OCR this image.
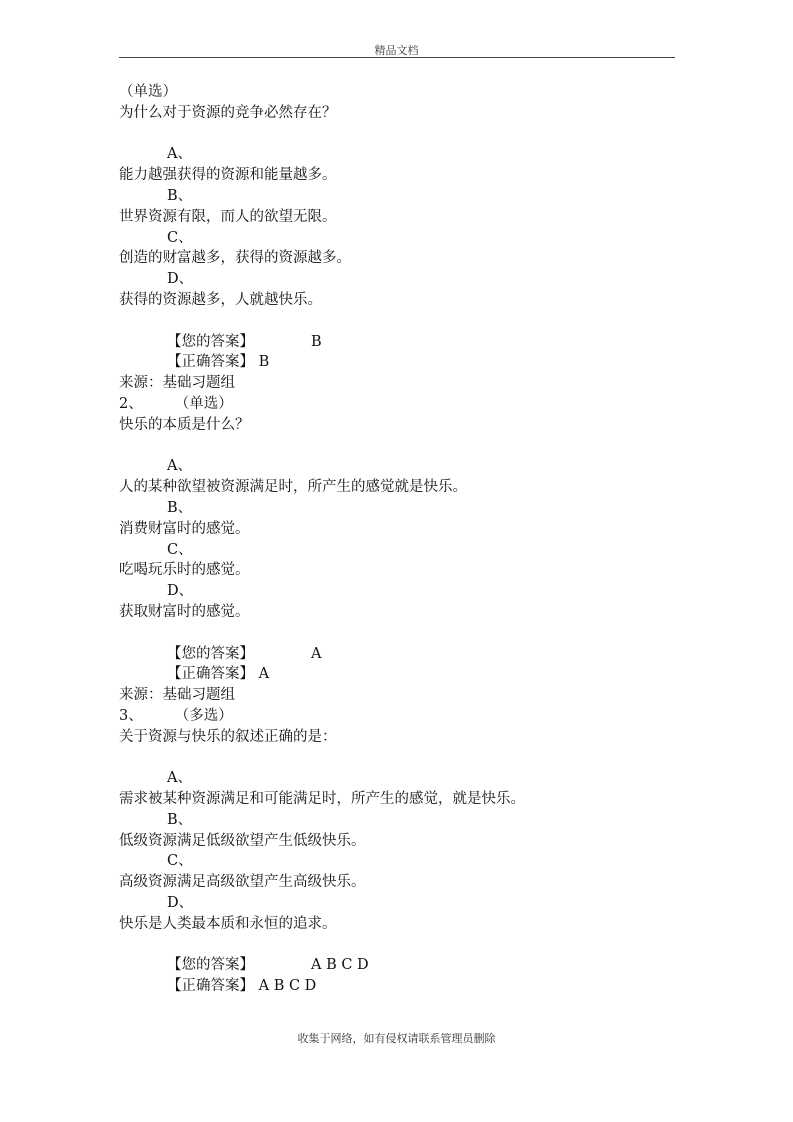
精品文档
（单选）
为什么对于资源的竞争必然存在？
A、
能力越强获得的资源和能量越多。
B、
世界资源有限，而人的欲望无限。
C、
创造的财富越多，获得的资源越多。
D、
获得的资源越多，人就越快乐。
【您的答案】	B
【正确答案】 B
来源：基础习题组
2、 （单选）
快乐的本质是什么？
A、
人的某种欲望被资源满足时，所产生的感觉就是快乐。
B、
消费财富时的感觉。
C、
吃喝玩乐时的感觉。
D、
获取财富时的感觉。
【您的答案】	A
【正确答案】 A
来源：基础习题组
3、 （多选）
关于资源与快乐的叙述正确的是：
A、
需求被某种资源满足和可能满足时，所产生的感觉，就是快乐。
B、
低级资源满足低级欲望产生低级快乐。
C、
高级资源满足高级欲望产生高级快乐。
D、
快乐是人类最本质和永恒的追求。
【您的答案】	A B C D
【正确答案】 A B C D
收集于网络，如有侵权请联系管理员删除
